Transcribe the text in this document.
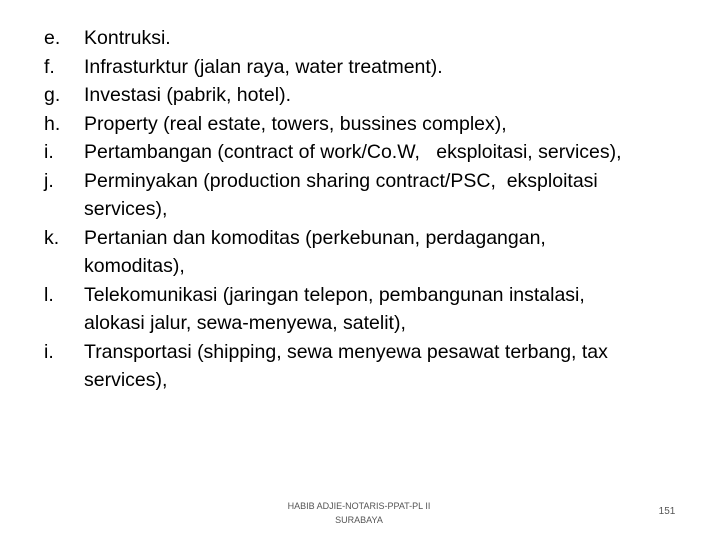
e.	Kontruksi.
f.	Infrasturktur (jalan raya, water treatment).
g.	Investasi (pabrik, hotel).
h.	Property (real estate, towers, bussines complex),
i.	Pertambangan (contract of work/Co.W,   eksploitasi, services),
j.	Perminyakan (production sharing contract/PSC,  eksploitasi
services),
k.	Pertanian dan komoditas (perkebunan, perdagangan,
komoditas),
l.	Telekomunikasi (jaringan telepon, pembangunan instalasi,
alokasi jalur, sewa-menyewa, satelit),
i.	Transportasi (shipping, sewa menyewa pesawat terbang, tax
services),
HABIB ADJIE-NOTARIS-PPAT-PL II
SURABAYA
151
